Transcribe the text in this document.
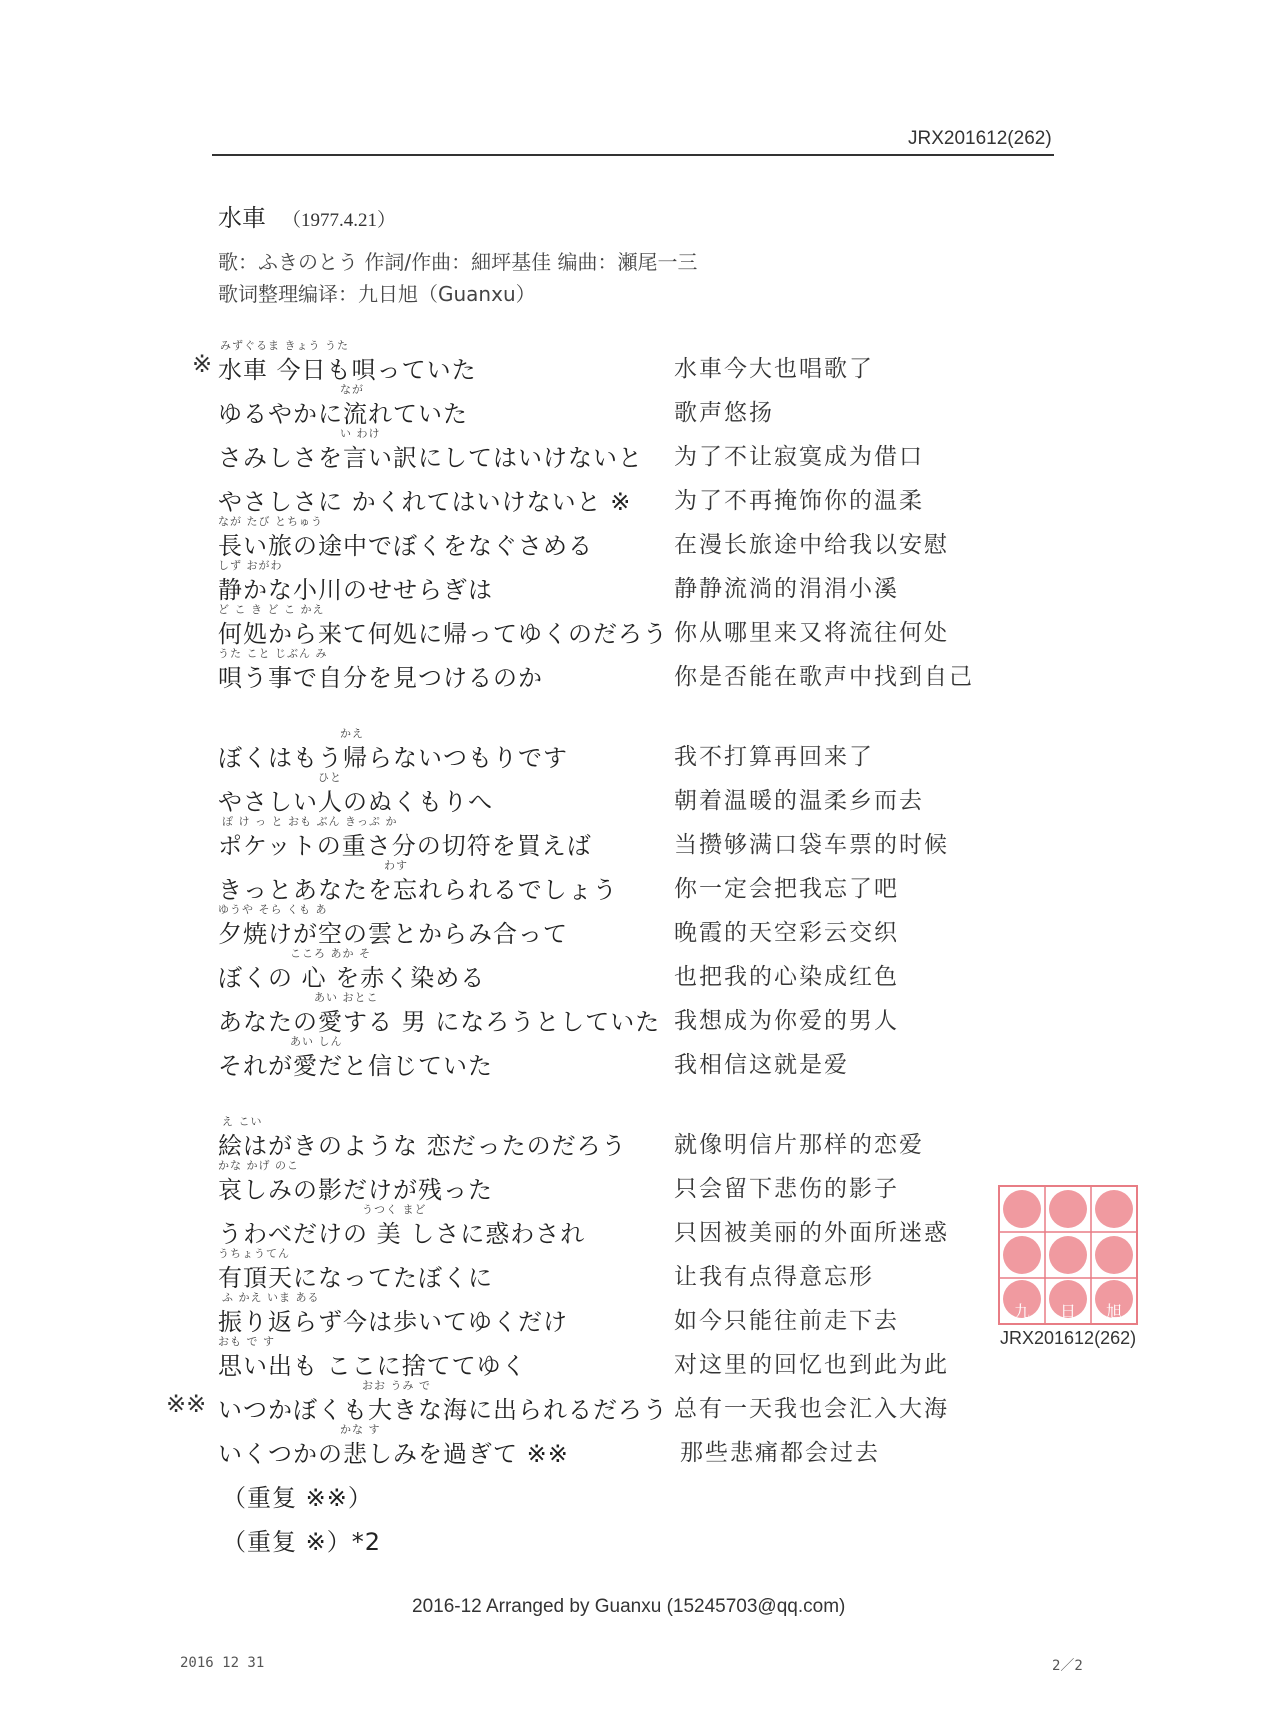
JRX201612(262)
水車 （1977.4.21）
歌：ふきのとう 作詞/作曲：細坪基佳 编曲：瀬尾一三
歌词整理编译：九日旭（Guanxu）
みずぐるま きょう うた
※ 水車 今日も唄っていた	水車今大也唱歌了
なが
ゆるやかに流れていた	歌声悠扬
い わけ
さみしさを言い訳にしてはいけないと 为了不让寂寞成为借口
やさしさに かくれてはいけないと ※ 为了不再掩饰你的温柔
なが たび とちゅう
長い旅の途中でぼくをなぐさめる	在漫长旅途中给我以安慰
しず おがわ
静かな小川のせせらぎは	静静流淌的涓涓小溪
ど こ き ど こ かえ
何処から来て何処に帰ってゆくのだろう 你从哪里来又将流往何处
うた こと じぶん み
唄う事で自分を見つけるのか	你是否能在歌声中找到自己
かえ
ぼくはもう帰らないつもりです	我不打算再回来了
ひと
やさしい人のぬくもりへ	朝着温暖的温柔乡而去
ぽ け っ と おも ぶん きっぷ か
ポケットの重さ分の切符を買えば	当攒够满口袋车票的时候
わす
きっとあなたを忘れられるでしょう 你一定会把我忘了吧
ゆうや そら くも あ
夕焼けが空の雲とからみ合って	晚霞的天空彩云交织
こころ あか そ
ぼくの 心 を赤く染める	也把我的心染成红色
あい おとこ
あなたの愛する 男 になろうとしていた 我想成为你爱的男人
あい しん
それが愛だと信じていた	我相信这就是爱
え こい
絵はがきのような 恋だったのだろう 就像明信片那样的恋爱
かな かげ のこ
哀しみの影だけが残った	只会留下悲伤的影子
うつく まど
うわべだけの 美 しさに惑わされ	只因被美丽的外面所迷惑
うちょうてん
有頂天になってたぼくに	让我有点得意忘形
ふ かえ いま ある
振り返らず今は歩いてゆくだけ	如今只能往前走下去
おも で す
思い出も ここに捨ててゆく	对这里的回忆也到此为此
おお うみ で
※※ いつかぼくも大きな海に出られるだろう 总有一天我也会汇入大海
かな す
いくつかの悲しみを過ぎて ※※	那些悲痛都会过去
（重复 ※※）
（重复 ※）*2
九 日 旭
JRX201612(262)
2016-12 Arranged by Guanxu (15245703@qq.com)
2016 12 31	2／2
